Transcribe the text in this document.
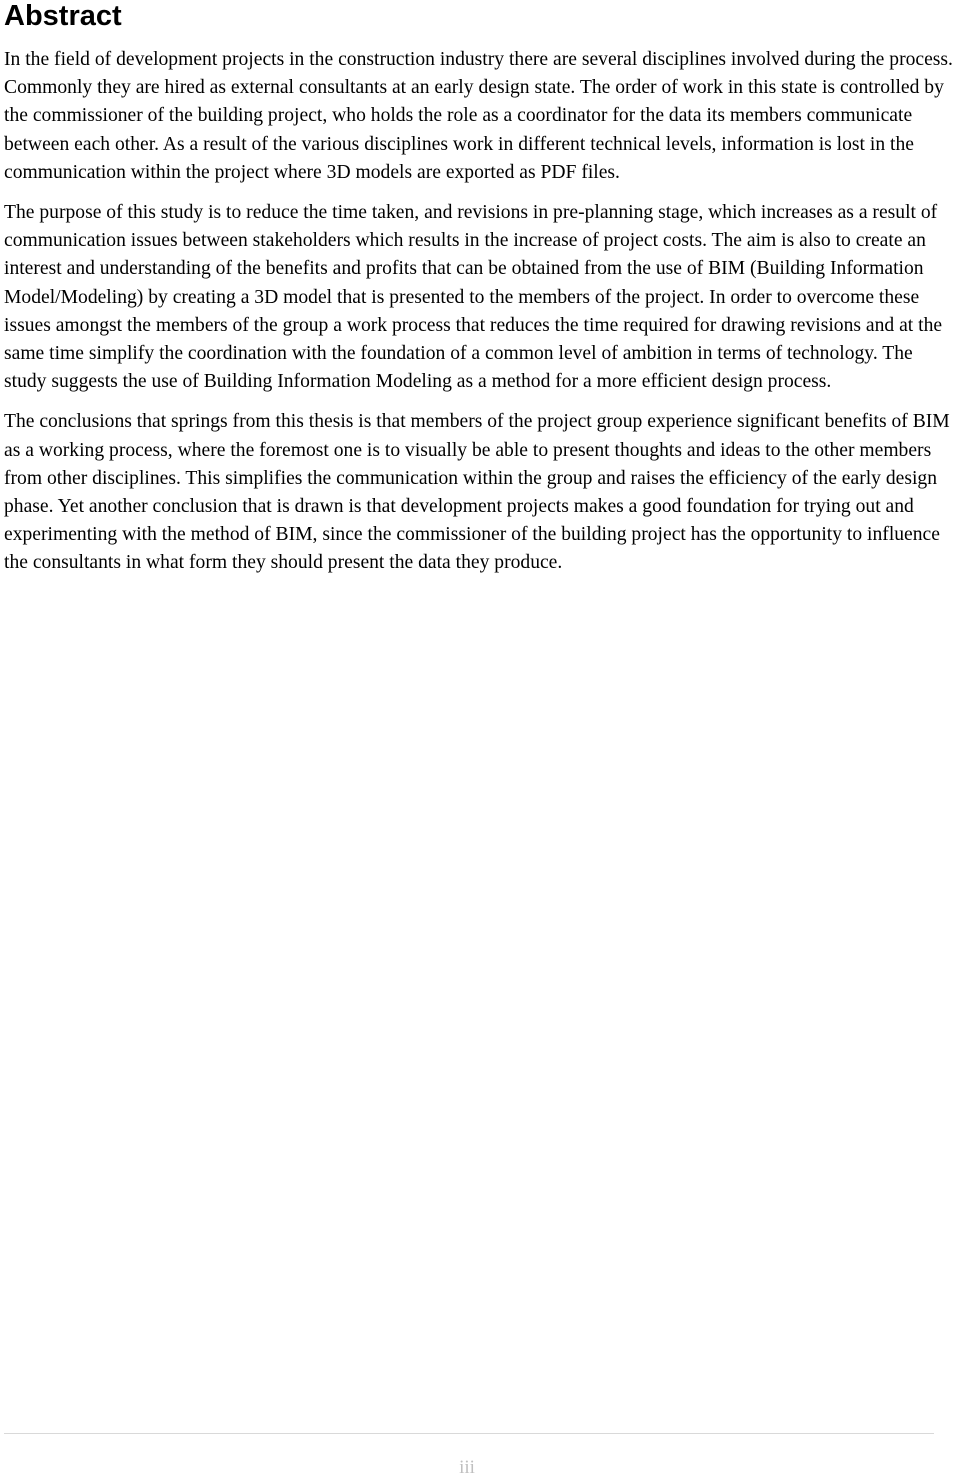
Abstract

In the field of development projects in the construction industry there are several disciplines involved during the process. Commonly they are hired as external consultants at an early design state. The order of work in this state is controlled by the commissioner of the building project, who holds the role as a coordinator for the data its members communicate between each other. As a result of the various disciplines work in different technical levels, information is lost in the communication within the project where 3D models are exported as PDF files.

The purpose of this study is to reduce the time taken, and revisions in pre-planning stage, which increases as a result of communication issues between stakeholders which results in the increase of project costs. The aim is also to create an interest and understanding of the benefits and profits that can be obtained from the use of BIM (Building Information Model/Modeling) by creating a 3D model that is presented to the members of the project. In order to overcome these issues amongst the members of the group a work process that reduces the time required for drawing revisions and at the same time simplify the coordination with the foundation of a common level of ambition in terms of technology. The study suggests the use of Building Information Modeling as a method for a more efficient design process.

The conclusions that springs from this thesis is that members of the project group experience significant benefits of BIM as a working process, where the foremost one is to visually be able to present thoughts and ideas to the other members from other disciplines. This simplifies the communication within the group and raises the efficiency of the early design phase. Yet another conclusion that is drawn is that development projects makes a good foundation for trying out and experimenting with the method of BIM, since the commissioner of the building project has the opportunity to influence the consultants in what form they should present the data they produce.

iii
